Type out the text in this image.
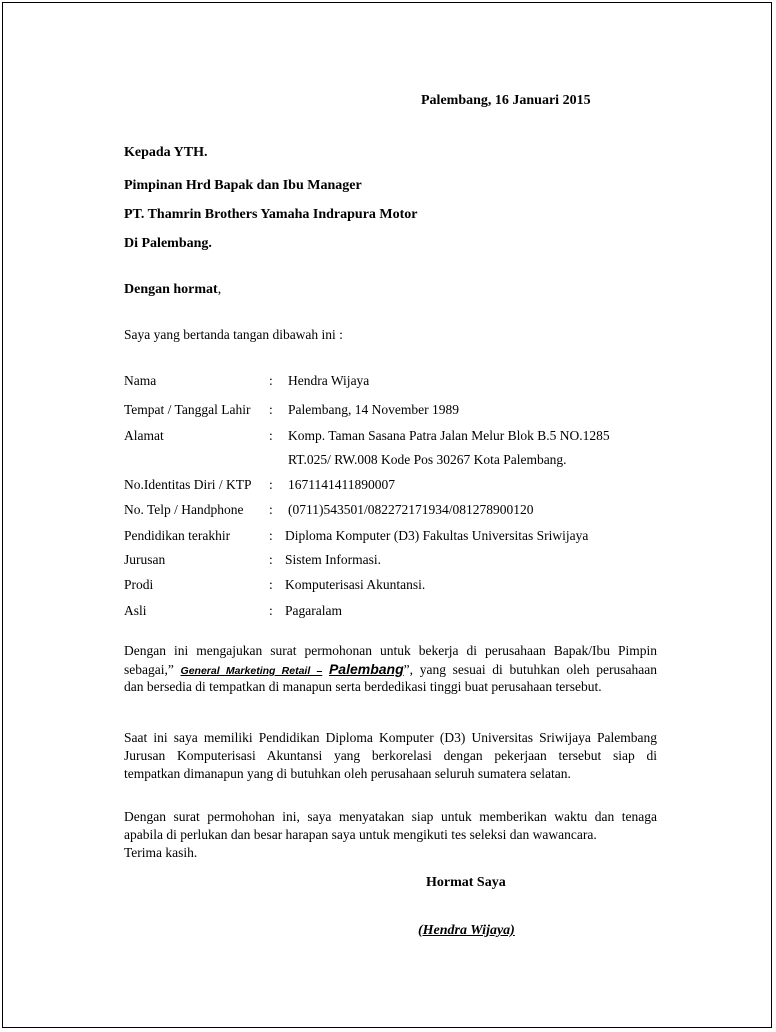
Palembang, 16 Januari 2015
Kepada YTH.
Pimpinan Hrd Bapak dan Ibu Manager
PT. Thamrin Brothers Yamaha Indrapura Motor
Di Palembang.
Dengan hormat,
Saya yang bertanda tangan dibawah ini :
Nama	: Hendra Wijaya
Tempat / Tanggal Lahir : Palembang, 14 November 1989
Alamat	: Komp. Taman Sasana Patra Jalan Melur Blok B.5 NO.1285
RT.025/ RW.008 Kode Pos 30267 Kota Palembang.
No.Identitas Diri / KTP : 1671141411890007
No. Telp / Handphone : (0711)543501/082272171934/081278900120
Pendidikan terakhir	: Diploma Komputer (D3) Fakultas Universitas Sriwijaya
Jurusan	: Sistem Informasi.
Prodi	: Komputerisasi Akuntansi.
Asli	: Pagaralam
Dengan ini mengajukan surat permohonan untuk bekerja di perusahaan Bapak/Ibu Pimpin
sebagai,” General Marketing Retail – Palembang”, yang sesuai di butuhkan oleh perusahaan
dan bersedia di tempatkan di manapun serta berdedikasi tinggi buat perusahaan tersebut.
Saat ini saya memiliki Pendidikan Diploma Komputer (D3) Universitas Sriwijaya Palembang
Jurusan Komputerisasi Akuntansi yang berkorelasi dengan pekerjaan tersebut siap di
tempatkan dimanapun yang di butuhkan oleh perusahaan seluruh sumatera selatan.
Dengan surat permohohan ini, saya menyatakan siap untuk memberikan waktu dan tenaga
apabila di perlukan dan besar harapan saya untuk mengikuti tes seleksi dan wawancara.
Terima kasih.
Hormat Saya
(Hendra Wijaya)
